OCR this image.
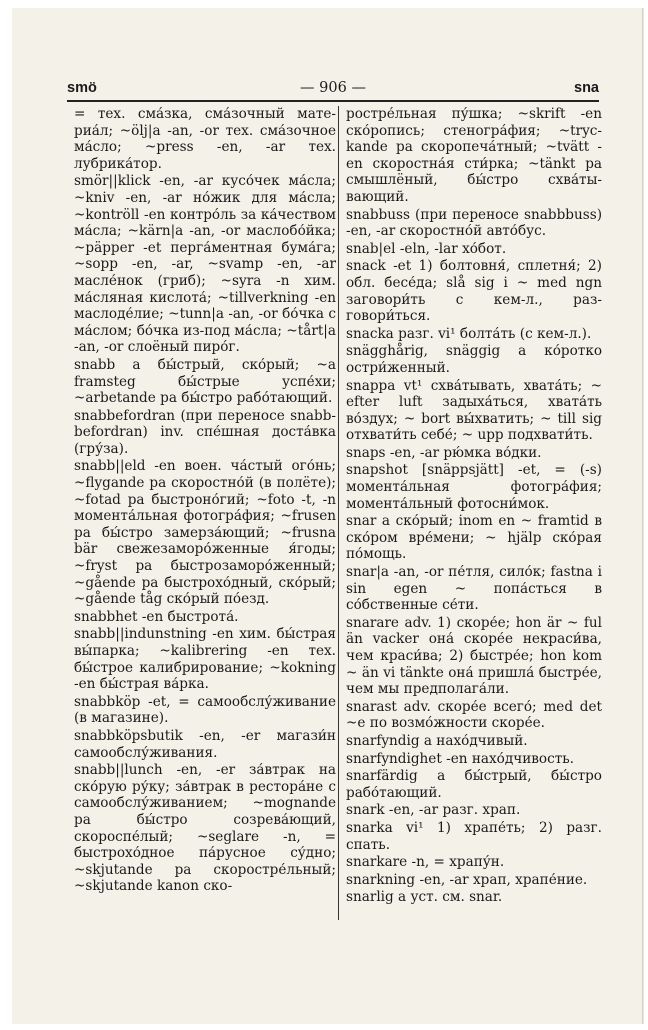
smö	— 906 —	sna

= тех. сма́зка, сма́зочный материа́л; ~ölj|a -an, -or тех. сма́зочное ма́сло; ~press -en, -ar тех. лубрика́тор.

smör||klick -en, -ar кусо́чек ма́сла; ~kniv -en, -ar но́жик для ма́сла; ~kontröll -en контро́ль за ка́чеством ма́сла; ~kärn|a -an, -or маслобо́йка; ~päpper -et перга́ментная бума́га; ~sopp -en, -ar, ~svamp -en, -ar масле́нок (гриб); ~syra -n хим. ма́сляная кислота́; ~tillverkning -en маслоде́лие; ~tunn|a -an, -or бо́чка с ма́слом; бо́чка из-под ма́сла; ~tårt|a -an, -or слоёный пиро́г.

snabb a бы́стрый, ско́рый; ~a framsteg бы́стрые успе́хи; ~arbetande pa бы́стро рабо́тающий.

snabbefordran (при переносе snabb-befordran) inv. спе́шная доста́вка (гру́за).

snabb||eld -en воен. ча́стый ого́нь; ~flygande pa скоростно́й (в полёте); ~fotad pa быстроно́гий; ~foto -t, -n момента́льная фотогра́фия; ~frusen pa бы́стро замерза́ющий; ~frusna bär свежезаморо́женные я́годы; ~fryst pa быстрозаморо́женный; ~gående pa быстрохо́дный, ско́рый; ~gående tåg ско́рый по́езд.

snabbhet -en быстрота́.

snabb||indunstning -en хим. бы́страя вы́парка; ~kalibrering -en тех. бы́строе калибрирование; ~kokning -en бы́страя ва́рка.

snabbköp -et, = самообслу́живание (в магазине).

snabbköpsbutik -en, -er магази́н самообслу́живания.

snabb||lunch -en, -er за́втрак на ско́рую ру́ку; за́втрак в рестора́не с самообслу́живанием; ~mognande pa бы́стро созрева́ющий, скороспе́лый; ~seglare -n, = быстрохо́дное па́русное су́дно; ~skjutande pa скоростре́льный; ~skjutande kanon ско-

ростре́льная пу́шка; ~skrift -en ско́ропись; стеногра́фия; ~tryckande pa скоропеча́тный; ~tvätt -en скоростна́я сти́рка; ~tänkt pa смышлёный, бы́стро схва́тывающий.

snabbuss (при переносе snabbbuss) -en, -ar скоростно́й авто́бус.

snab|el -eln, -lar хо́бот.

snack -et 1) болтовня́, сплетня́; 2) обл. бесе́да; slå sig i ~ med ngn заговори́ть с кем-л., разговори́ться.

snacka разг. vi¹ болта́ть (с кем-л.).

snägghårig, snäggig a ко́ротко остри́женный.

snappa vt¹ схва́тывать, хвата́ть; ~ efter luft задыха́ться, хвата́ть во́здух; ~ bort вы́хватить; ~ till sig отхвати́ть себе́; ~ upp подхвати́ть.

snaps -en, -ar рю́мка во́дки.

snapshot [snäppsjätt] -et, = (-s) момента́льная фотогра́фия; момента́льный фотосни́мок.

snar a ско́рый; inom en ~ framtid в ско́ром вре́мени; ~ hjälp ско́рая по́мощь.

snar|a -an, -or пе́тля, сило́к; fastna i sin egen ~ попа́сться в со́бственные се́ти.

snarare adv. 1) скоре́е; hon är ~ ful än vacker она́ скоре́е некраси́ва, чем краси́ва; 2) быстре́е; hon kom ~ än vi tänkte она́ пришла́ быстре́е, чем мы предполага́ли.

snarast adv. скоре́е всего́; med det ~e по возмо́жности скоре́е.

snarfyndig a нахо́дчивый.

snarfyndighet -en нахо́дчивость.

snarfärdig a бы́стрый, бы́стро рабо́тающий.

snark -en, -ar разг. храп.

snarka vi¹ 1) храпе́ть; 2) разг. спать.

snarkare -n, = храпу́н.

snarkning -en, -ar храп, храпе́ние.

snarlig a уст. см. snar.
